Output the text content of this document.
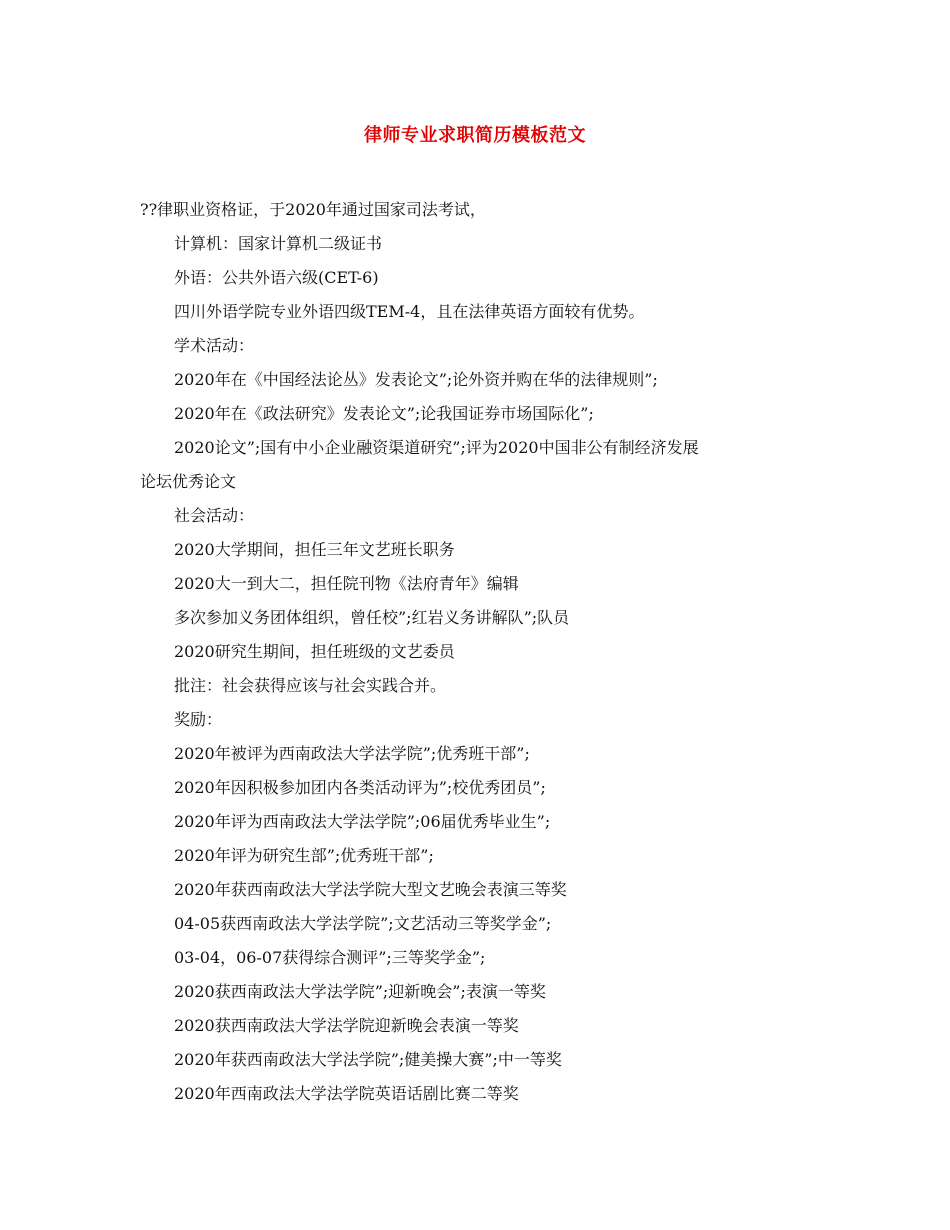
律师专业求职简历模板范文
??律职业资格证，于2020年通过国家司法考试，
计算机：国家计算机二级证书
外语：公共外语六级(CET-6)
四川外语学院专业外语四级TEM-4，且在法律英语方面较有优势。
学术活动：
2020年在《中国经法论丛》发表论文”;论外资并购在华的法律规则”;
2020年在《政法研究》发表论文”;论我国证券市场国际化”;
2020论文”;国有中小企业融资渠道研究”;评为2020中国非公有制经济发展
论坛优秀论文
社会活动：
2020大学期间，担任三年文艺班长职务
2020大一到大二，担任院刊物《法府青年》编辑
多次参加义务团体组织，曾任校”;红岩义务讲解队”;队员
2020研究生期间，担任班级的文艺委员
批注：社会获得应该与社会实践合并。
奖励：
2020年被评为西南政法大学法学院”;优秀班干部”;
2020年因积极参加团内各类活动评为”;校优秀团员”;
2020年评为西南政法大学法学院”;06届优秀毕业生”;
2020年评为研究生部”;优秀班干部”;
2020年获西南政法大学法学院大型文艺晚会表演三等奖
04-05获西南政法大学法学院”;文艺活动三等奖学金”;
03-04，06-07获得综合测评”;三等奖学金”;
2020获西南政法大学法学院”;迎新晚会”;表演一等奖
2020获西南政法大学法学院迎新晚会表演一等奖
2020年获西南政法大学法学院”;健美操大赛”;中一等奖
2020年西南政法大学法学院英语话剧比赛二等奖
